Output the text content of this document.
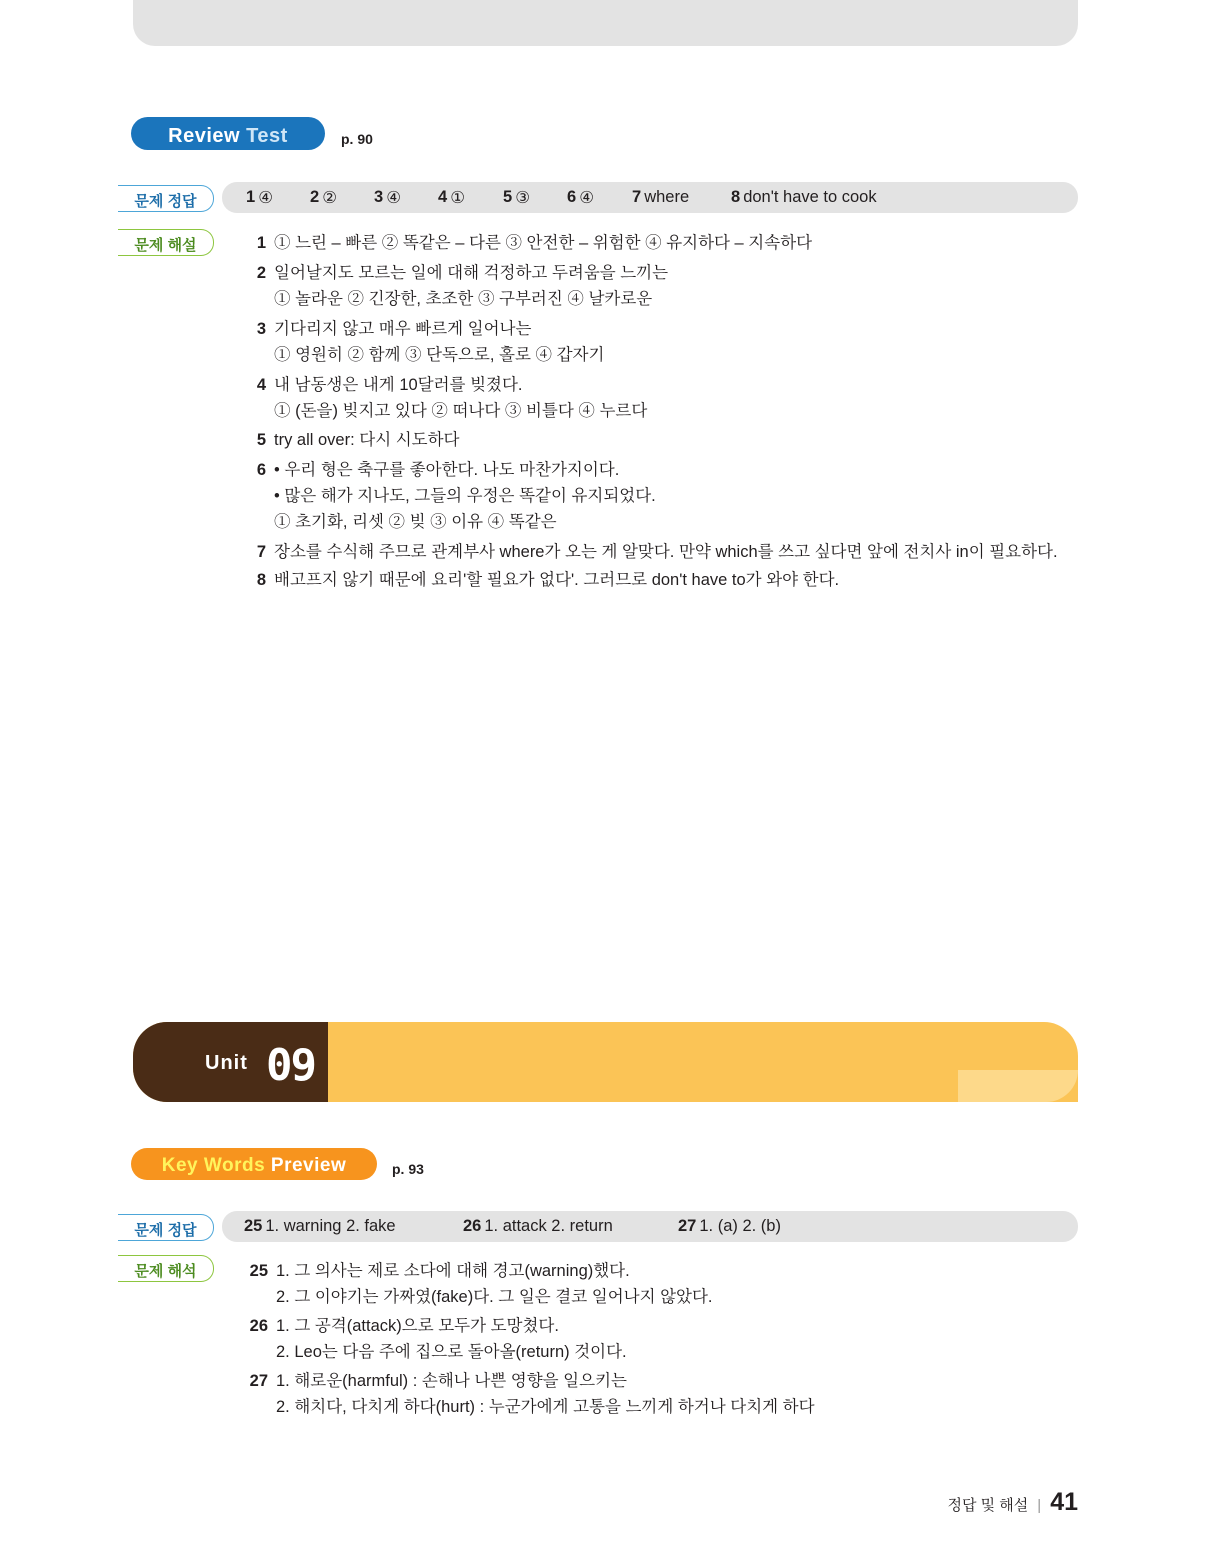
Review Test	p. 90
문제 정답
문제 해설
1 ④ 2 ② 3 ④ 4 ① 5 ③ 6 ④ 7 where	8 don't have to cook
1 ① 느린 – 빠른 ② 똑같은 – 다른 ③ 안전한 – 위험한 ④ 유지하다 – 지속하다
2 일어날지도 모르는 일에 대해 걱정하고 두려움을 느끼는
① 놀라운 ② 긴장한, 초조한 ③ 구부러진 ④ 날카로운
3 기다리지 않고 매우 빠르게 일어나는
① 영원히 ② 함께 ③ 단독으로, 홀로 ④ 갑자기
4 내 남동생은 내게 10달러를 빚졌다.
① (돈을) 빚지고 있다 ② 떠나다 ③ 비틀다 ④ 누르다
5 try all over: 다시 시도하다
6 • 우리 형은 축구를 좋아한다. 나도 마찬가지이다.
• 많은 해가 지나도, 그들의 우정은 똑같이 유지되었다.
① 초기화, 리셋 ② 빚 ③ 이유 ④ 똑같은
7 장소를 수식해 주므로 관계부사 where가 오는 게 알맞다. 만약 which를 쓰고 싶다면 앞에 전치사 in이 필요하다.
8 배고프지 않기 때문에 요리'할 필요가 없다'. 그러므로 don't have to가 와야 한다.
Unit 09
Key Words Preview	p. 93
문제 정답
문제 해석
25 1. warning 2. fake	26 1. attack 2. return	27 1. (a) 2. (b)
25 1. 그 의사는 제로 소다에 대해 경고(warning)했다.
2. 그 이야기는 가짜였(fake)다. 그 일은 결코 일어나지 않았다.
26 1. 그 공격(attack)으로 모두가 도망쳤다.
2. Leo는 다음 주에 집으로 돌아올(return) 것이다.
27 1. 해로운(harmful) : 손해나 나쁜 영향을 일으키는
2. 해치다, 다치게 하다(hurt) : 누군가에게 고통을 느끼게 하거나 다치게 하다
정답 및 해설 | 41
